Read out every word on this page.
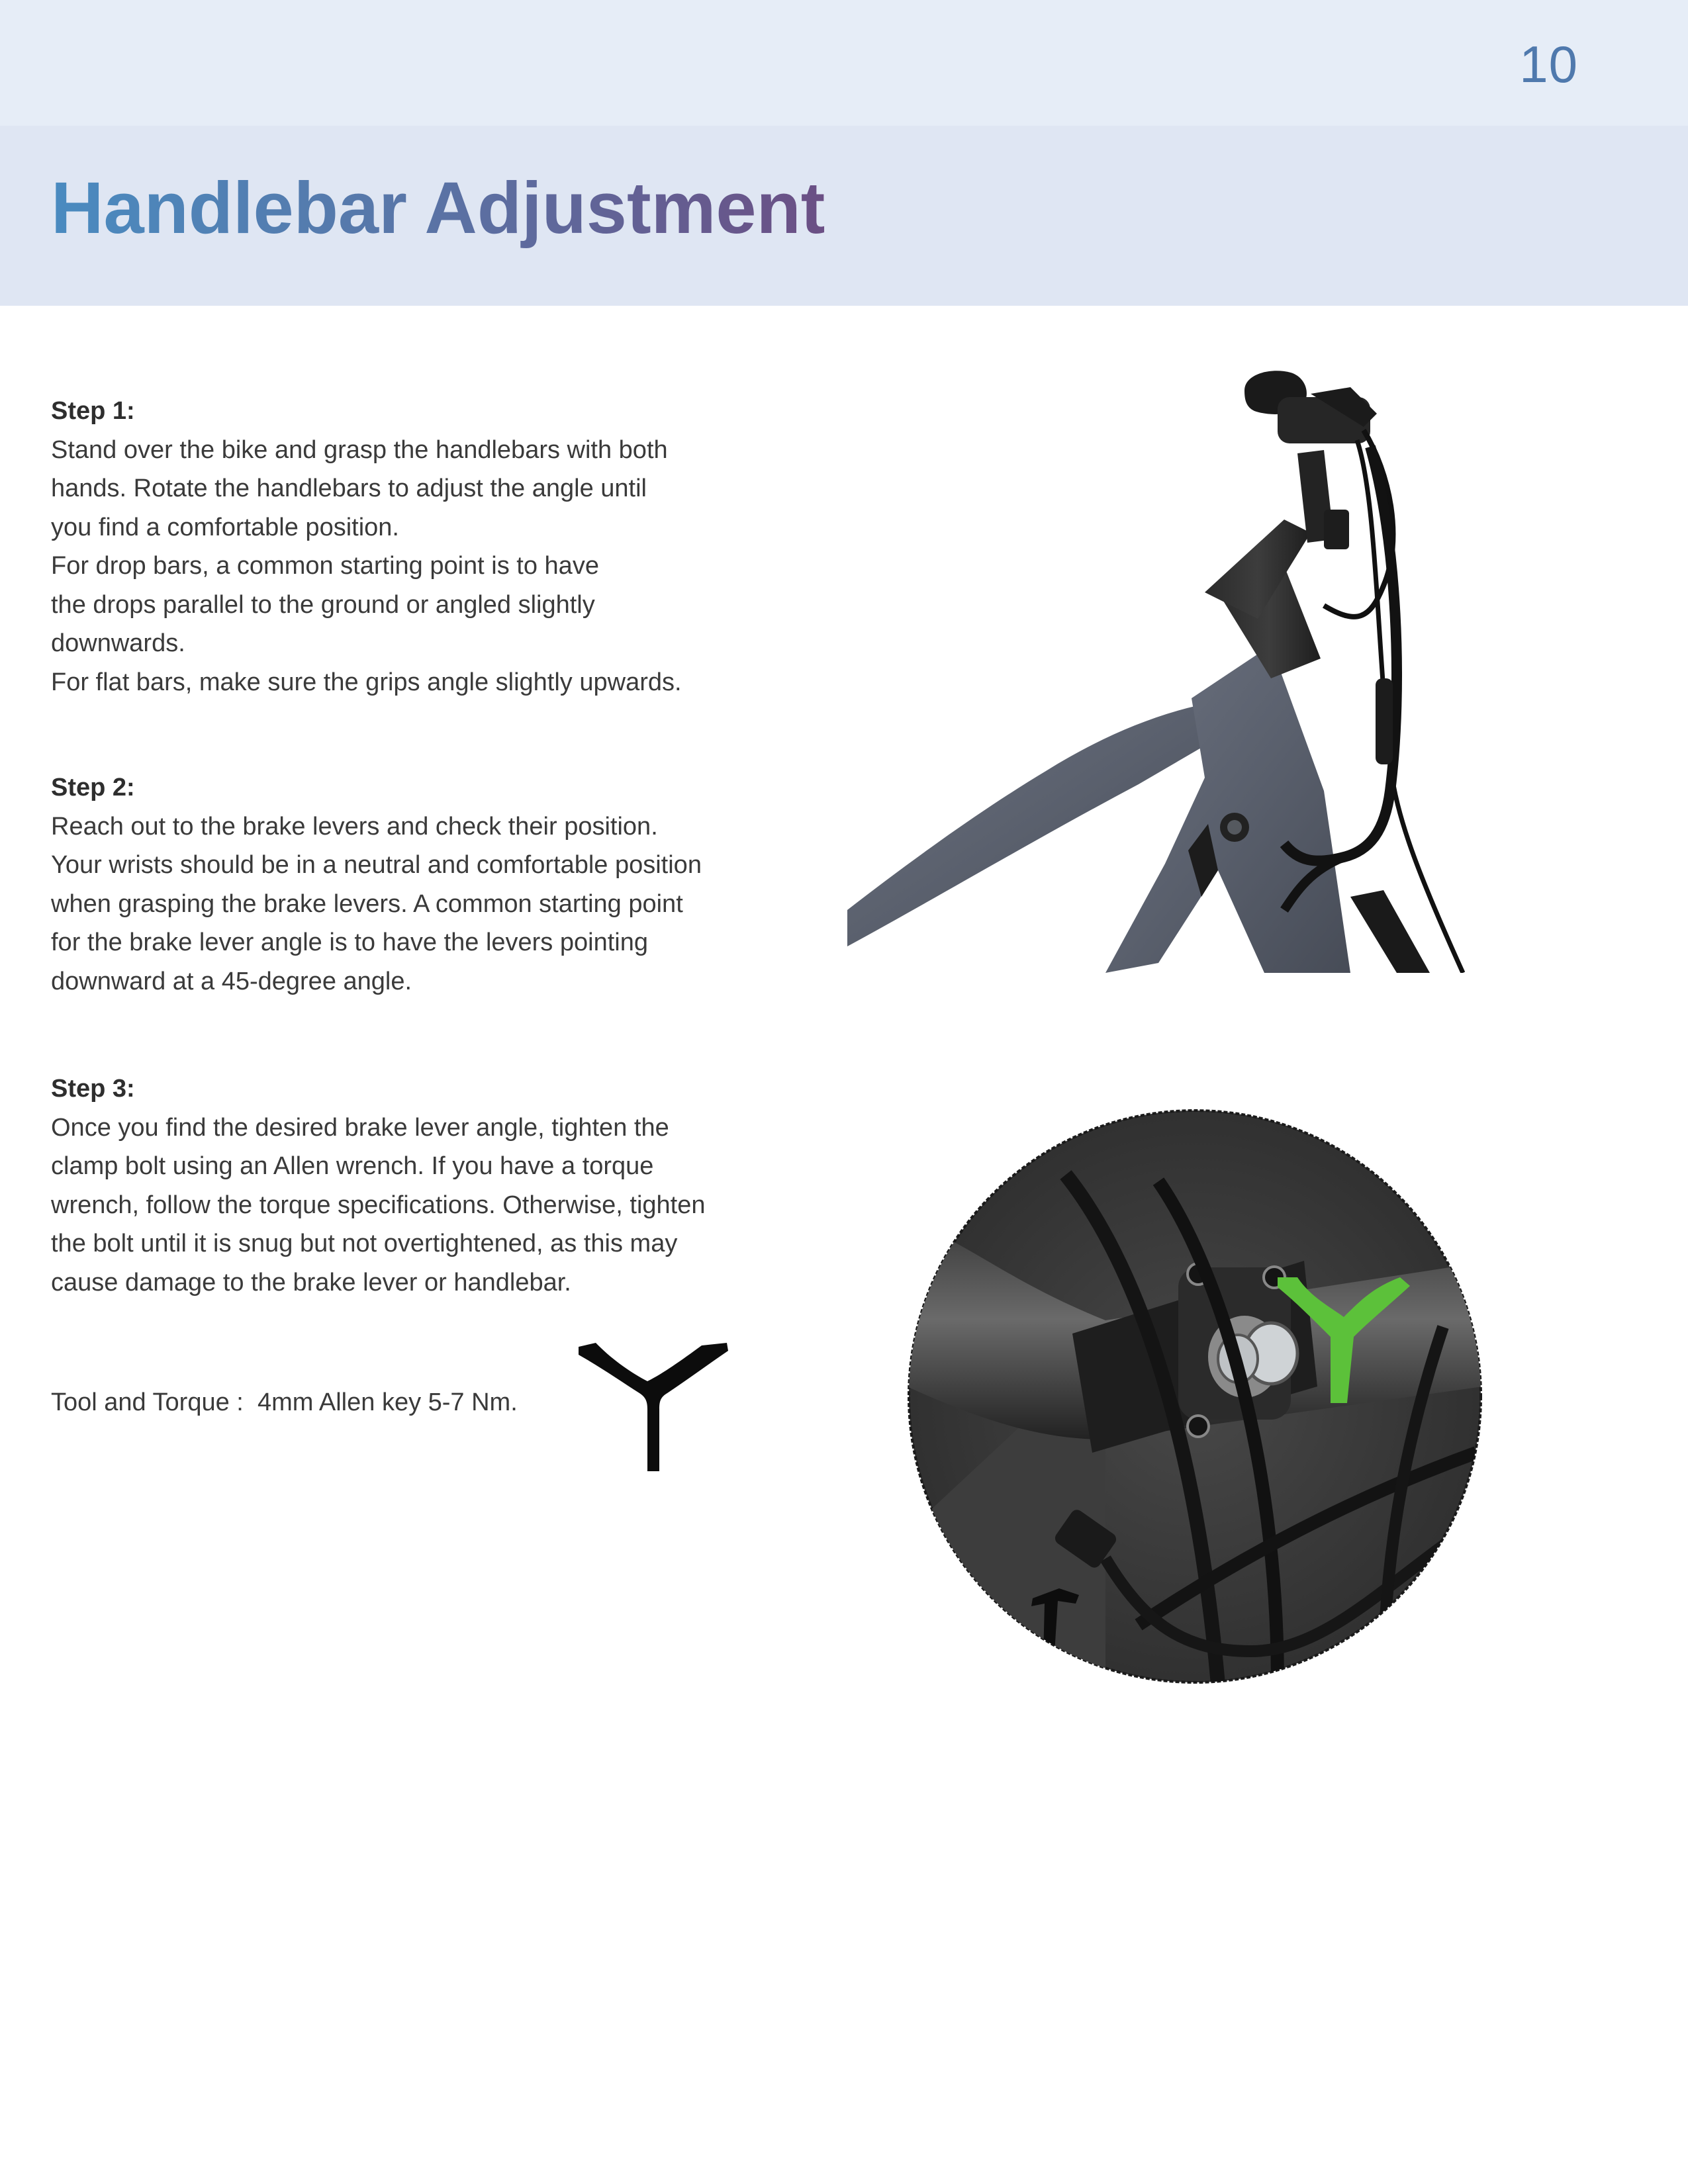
10
Handlebar Adjustment
Step 1:
Stand over the bike and grasp the handlebars with both
hands. Rotate the handlebars to adjust the angle until
you find a comfortable position.
For drop bars, a common starting point is to have
the drops parallel to the ground or angled slightly
downwards.
For flat bars, make sure the grips angle slightly upwards.
Step 2:
Reach out to the brake levers and check their position.
Your wrists should be in a neutral and comfortable position
when grasping the brake levers. A common starting point
for the brake lever angle is to have the levers pointing
downward at a 45-degree angle.
Step 3:
Once you find the desired brake lever angle, tighten the
clamp bolt using an Allen wrench. If you have a torque
wrench, follow the torque specifications. Otherwise, tighten
the bolt until it is snug but not overtightened, as this may
cause damage to the brake lever or handlebar.
Tool and Torque : 4mm Allen key 5-7 Nm.
